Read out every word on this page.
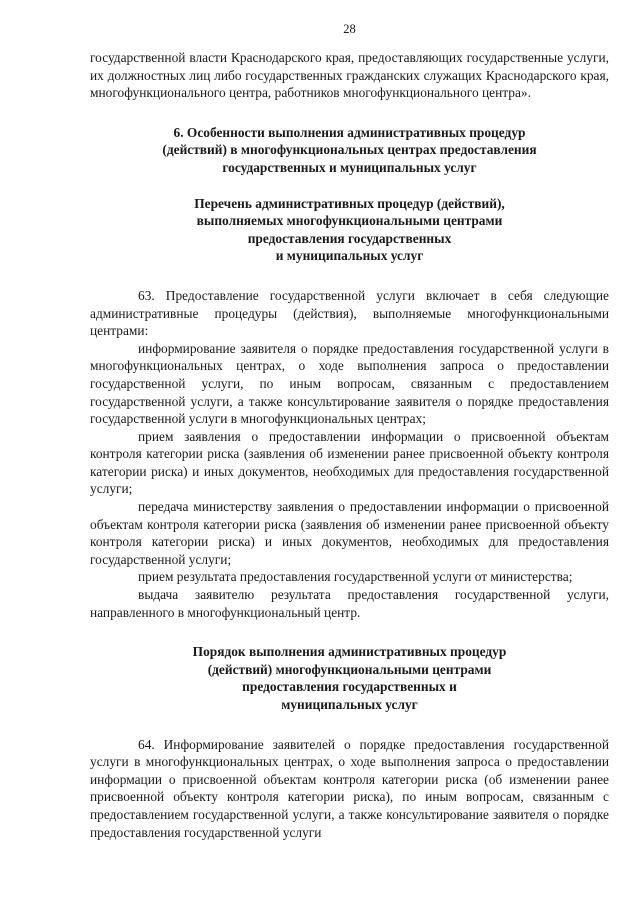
28

государственной власти Краснодарского края, предоставляющих государственные услуги, их должностных лиц либо государственных гражданских служащих Краснодарского края, многофункционального центра, работников многофункционального центра».

6. Особенности выполнения административных процедур
(действий) в многофункциональных центрах предоставления
государственных и муниципальных услуг
Перечень административных процедур (действий),
выполняемых многофункциональными центрами
предоставления государственных
и муниципальных услуг

63. Предоставление государственной услуги включает в себя следующие административные процедуры (действия), выполняемые многофункциональными центрами:

информирование заявителя о порядке предоставления государственной услуги в многофункциональных центрах, о ходе выполнения запроса о предоставлении государственной услуги, по иным вопросам, связанным с предоставлением государственной услуги, а также консультирование заявителя о порядке предоставления государственной услуги в многофункциональных центрах;

прием заявления о предоставлении информации о присвоенной объектам контроля категории риска (заявления об изменении ранее присвоенной объекту контроля категории риска) и иных документов, необходимых для предоставления государственной услуги;

передача министерству заявления о предоставлении информации о присвоенной объектам контроля категории риска (заявления об изменении ранее присвоенной объекту контроля категории риска) и иных документов, необходимых для предоставления государственной услуги;

прием результата предоставления государственной услуги от министерства;

выдача заявителю результата предоставления государственной услуги, направленного в многофункциональный центр.

Порядок выполнения административных процедур
(действий) многофункциональными центрами
предоставления государственных и
муниципальных услуг

64. Информирование заявителей о порядке предоставления государственной услуги в многофункциональных центрах, о ходе выполнения запроса о предоставлении информации о присвоенной объектам контроля категории риска (об изменении ранее присвоенной объекту контроля категории риска), по иным вопросам, связанным с предоставлением государственной услуги, а также консультирование заявителя о порядке предоставления государственной услуги
